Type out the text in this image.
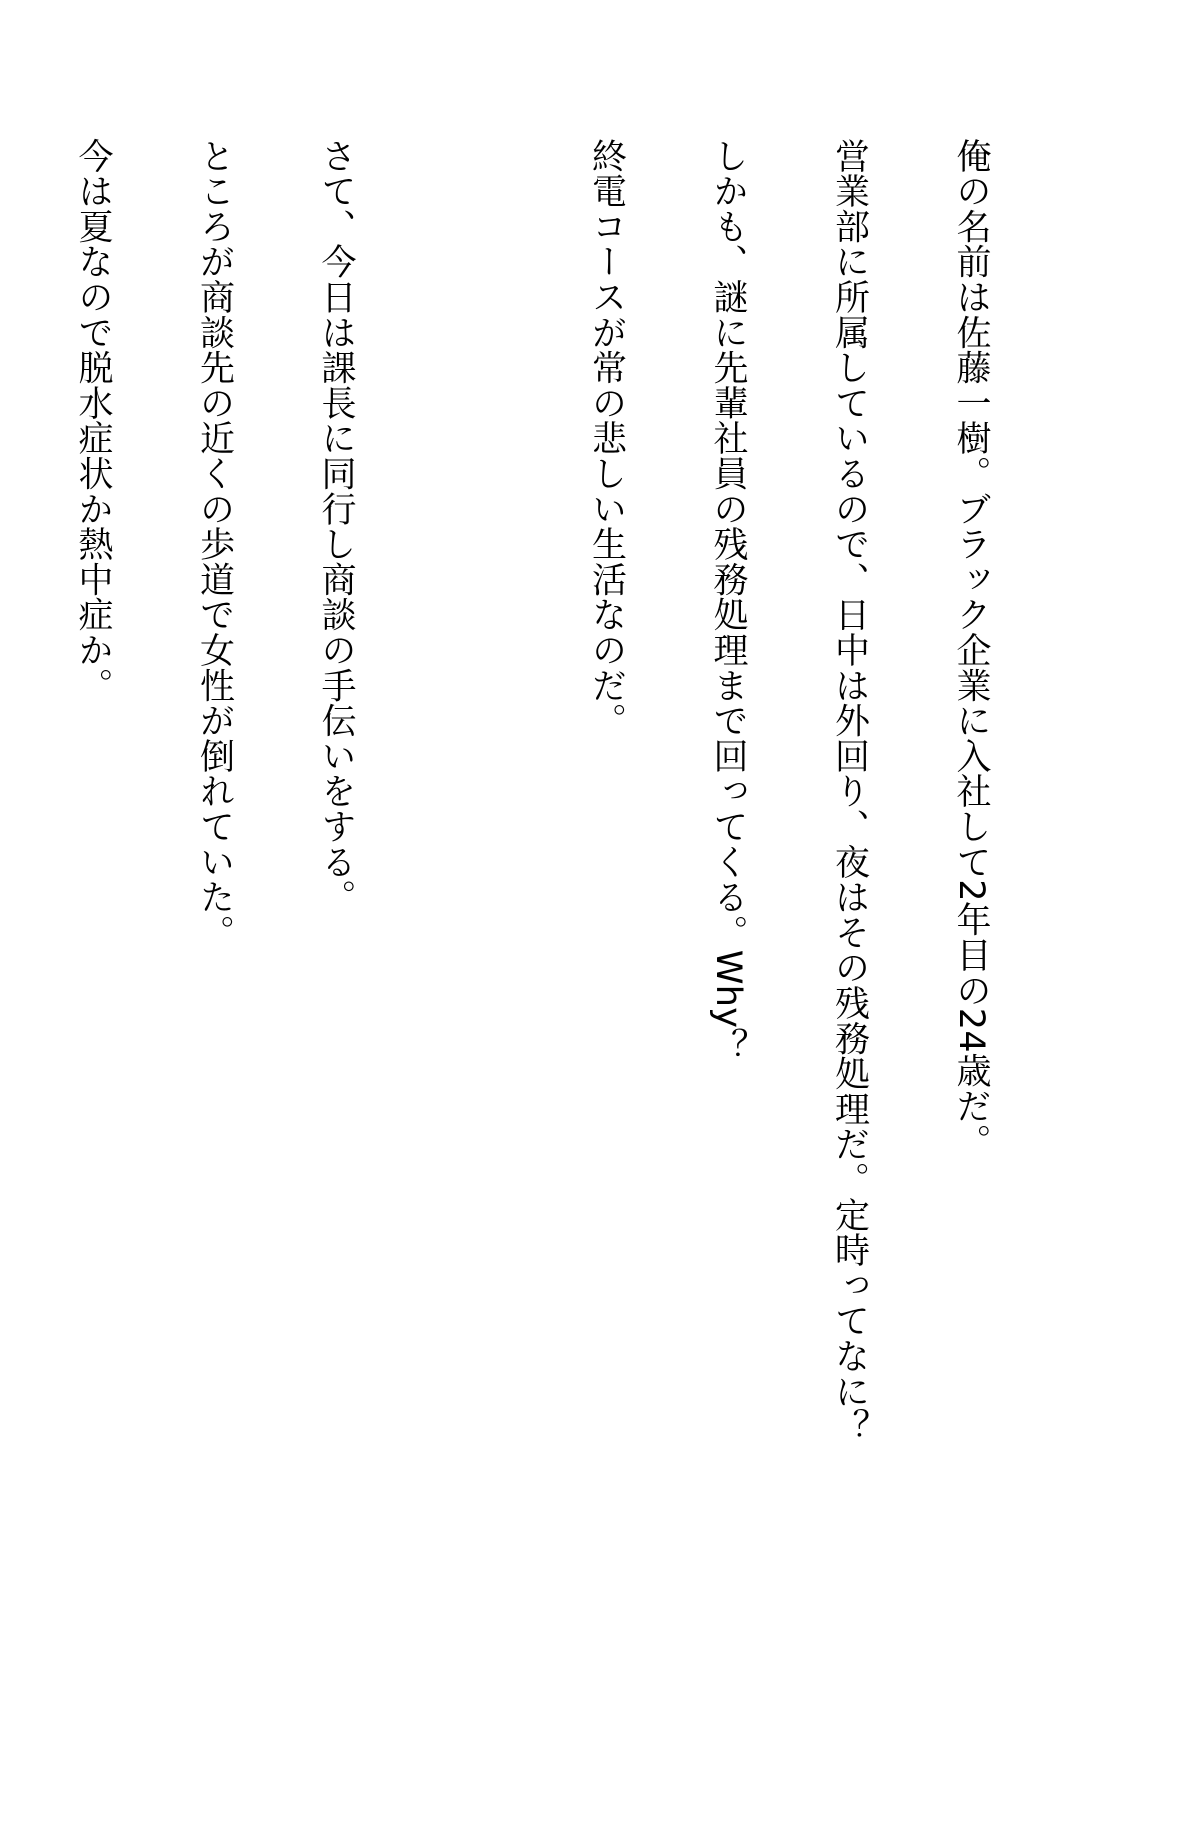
俺の名前は佐藤一樹。ブラック企業に入社して2年目の24歳だ。

営業部に所属しているので、日中は外回り、夜はその残務処理だ。定時ってなに？

しかも、謎に先輩社員の残務処理まで回ってくる。Why？

終電コースが常の悲しい生活なのだ。

さて、今日は課長に同行し商談の手伝いをする。

ところが商談先の近くの歩道で女性が倒れていた。

今は夏なので脱水症状か熱中症か。
